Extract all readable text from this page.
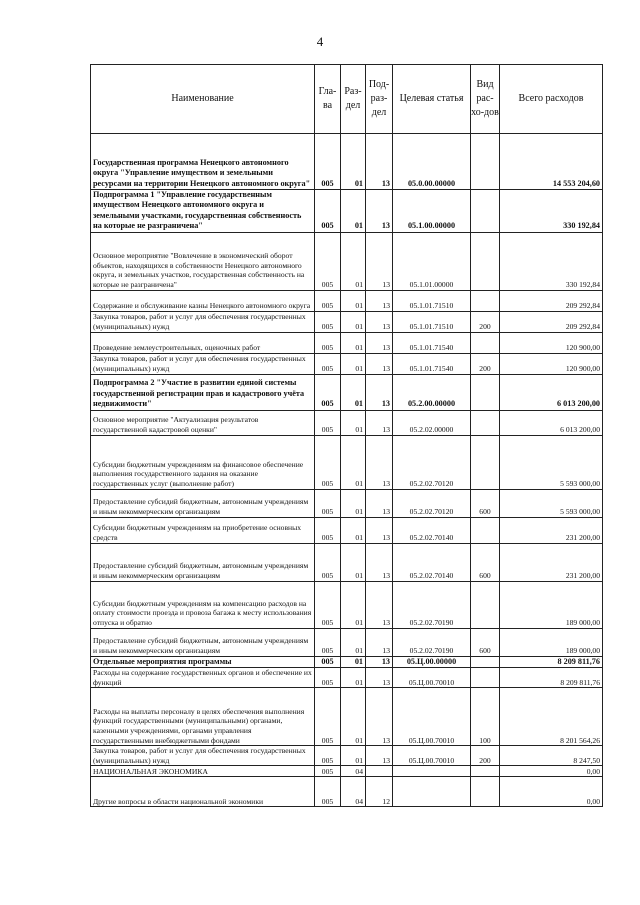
4
Наименование	Гла-ва	Раз-дел	Под-раз-дел	Целевая статья	Вид рас-хо-дов	Всего расходов
Государственная программа Ненецкого автономного округа "Управление имуществом и земельными ресурсами на территории Ненецкого автономного округа"	005	01	13	05.0.00.00000		14 553 204,60
Подпрограмма 1 "Управление государственным имуществом Ненецкого автономного округа и земельными участками, государственная собственность на которые не разграничена"	005	01	13	05.1.00.00000		330 192,84
Основное мероприятие "Вовлечение в экономический оборот объектов, находящихся в собственности Ненецкого автономного округа, и земельных участков, государственная собственность на которые не разграничена"	005	01	13	05.1.01.00000		330 192,84
Содержание и обслуживание казны Ненецкого автономного округа	005	01	13	05.1.01.71510		209 292,84
Закупка товаров, работ и услуг для обеспечения государственных (муниципальных) нужд	005	01	13	05.1.01.71510	200	209 292,84
Проведение землеустроительных, оценочных работ	005	01	13	05.1.01.71540		120 900,00
Закупка товаров, работ и услуг для обеспечения государственных (муниципальных) нужд	005	01	13	05.1.01.71540	200	120 900,00
Подпрограмма 2 "Участие в развитии единой системы государственной регистрации прав и кадастрового учёта недвижимости"	005	01	13	05.2.00.00000		6 013 200,00
Основное мероприятие "Актуализация результатов государственной кадастровой оценки"	005	01	13	05.2.02.00000		6 013 200,00
Субсидии бюджетным учреждениям на финансовое обеспечение выполнения государственного задания на оказание государственных услуг (выполнение работ)	005	01	13	05.2.02.70120		5 593 000,00
Предоставление субсидий бюджетным, автономным учреждениям и иным некоммерческим организациям	005	01	13	05.2.02.70120	600	5 593 000,00
Субсидии бюджетным учреждениям на приобретение основных средств	005	01	13	05.2.02.70140		231 200,00
Предоставление субсидий бюджетным, автономным учреждениям и иным некоммерческим организациям	005	01	13	05.2.02.70140	600	231 200,00
Субсидии бюджетным учреждениям на компенсацию расходов на оплату стоимости проезда и провоза багажа к месту использования отпуска и обратно	005	01	13	05.2.02.70190		189 000,00
Предоставление субсидий бюджетным, автономным учреждениям и иным некоммерческим организациям	005	01	13	05.2.02.70190	600	189 000,00
Отдельные мероприятия программы	005	01	13	05.Ц.00.00000		8 209 811,76
Расходы на содержание государственных органов и обеспечение их функций	005	01	13	05.Ц.00.70010		8 209 811,76
Расходы на выплаты персоналу в целях обеспечения выполнения функций государственными (муниципальными) органами, казенными учреждениями, органами управления государственными внебюджетными фондами	005	01	13	05.Ц.00.70010	100	8 201 564,26
Закупка товаров, работ и услуг для обеспечения государственных (муниципальных) нужд	005	01	13	05.Ц.00.70010	200	8 247,50
НАЦИОНАЛЬНАЯ ЭКОНОМИКА	005	04				0,00
Другие вопросы в области национальной экономики	005	04	12			0,00
